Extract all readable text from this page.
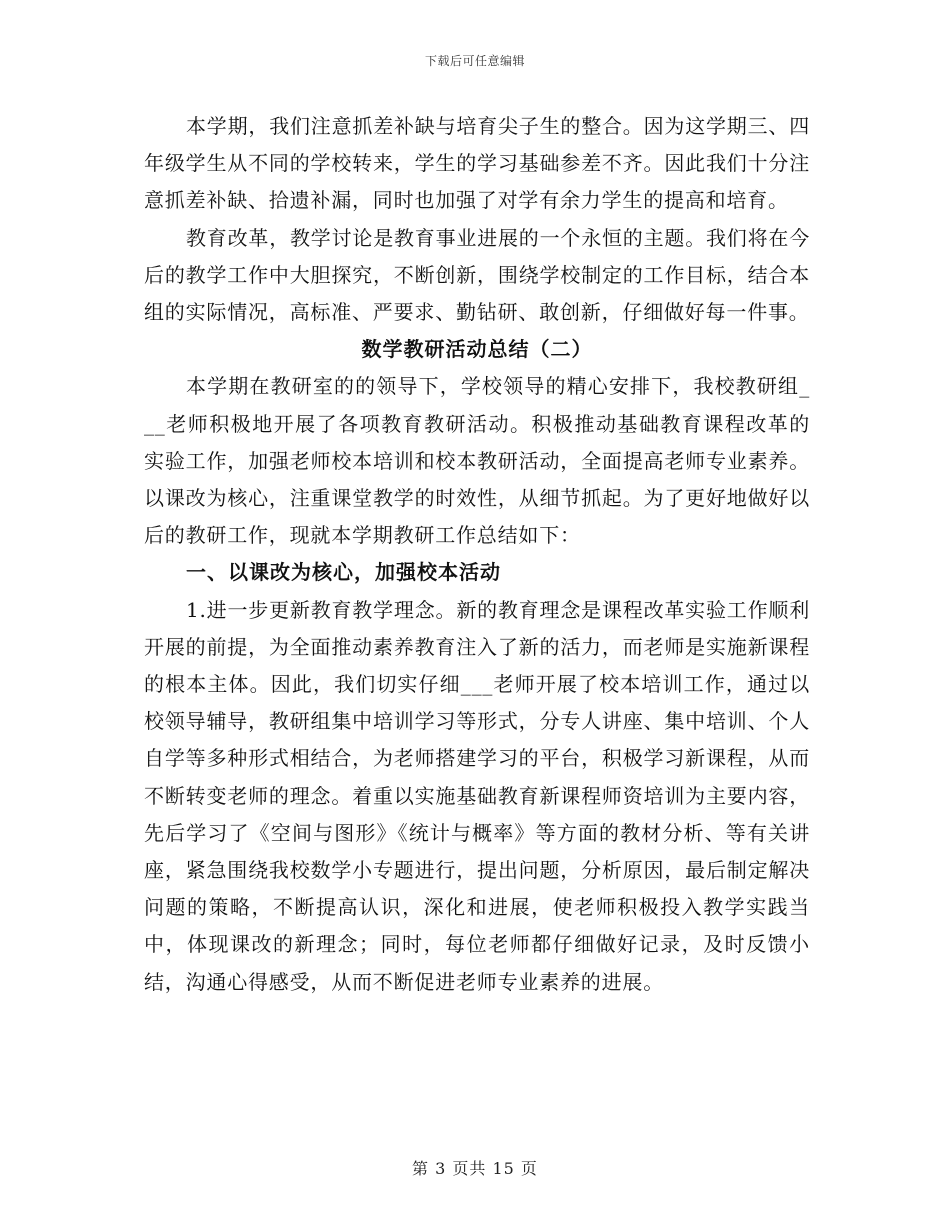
下载后可任意编辑

本学期，我们注意抓差补缺与培育尖子生的整合。因为这学期三、四年级学生从不同的学校转来，学生的学习基础参差不齐。因此我们十分注意抓差补缺、拾遗补漏，同时也加强了对学有余力学生的提高和培育。

教育改革，教学讨论是教育事业进展的一个永恒的主题。我们将在今后的教学工作中大胆探究，不断创新，围绕学校制定的工作目标，结合本组的实际情况，高标准、严要求、勤钻研、敢创新，仔细做好每一件事。

数学教研活动总结（二）

本学期在教研室的的领导下，学校领导的精心安排下，我校教研组___老师积极地开展了各项教育教研活动。积极推动基础教育课程改革的实验工作，加强老师校本培训和校本教研活动，全面提高老师专业素养。以课改为核心，注重课堂教学的时效性，从细节抓起。为了更好地做好以后的教研工作，现就本学期教研工作总结如下：

一、以课改为核心，加强校本活动

1.进一步更新教育教学理念。新的教育理念是课程改革实验工作顺利开展的前提，为全面推动素养教育注入了新的活力，而老师是实施新课程的根本主体。因此，我们切实仔细___老师开展了校本培训工作，通过以校领导辅导，教研组集中培训学习等形式，分专人讲座、集中培训、个人自学等多种形式相结合，为老师搭建学习的平台，积极学习新课程，从而不断转变老师的理念。着重以实施基础教育新课程师资培训为主要内容，先后学习了《空间与图形》《统计与概率》等方面的教材分析、等有关讲座，紧急围绕我校数学小专题进行，提出问题，分析原因，最后制定解决问题的策略，不断提高认识，深化和进展，使老师积极投入教学实践当中，体现课改的新理念；同时，每位老师都仔细做好记录，及时反馈小结，沟通心得感受，从而不断促进老师专业素养的进展。

第 3 页共 15 页
